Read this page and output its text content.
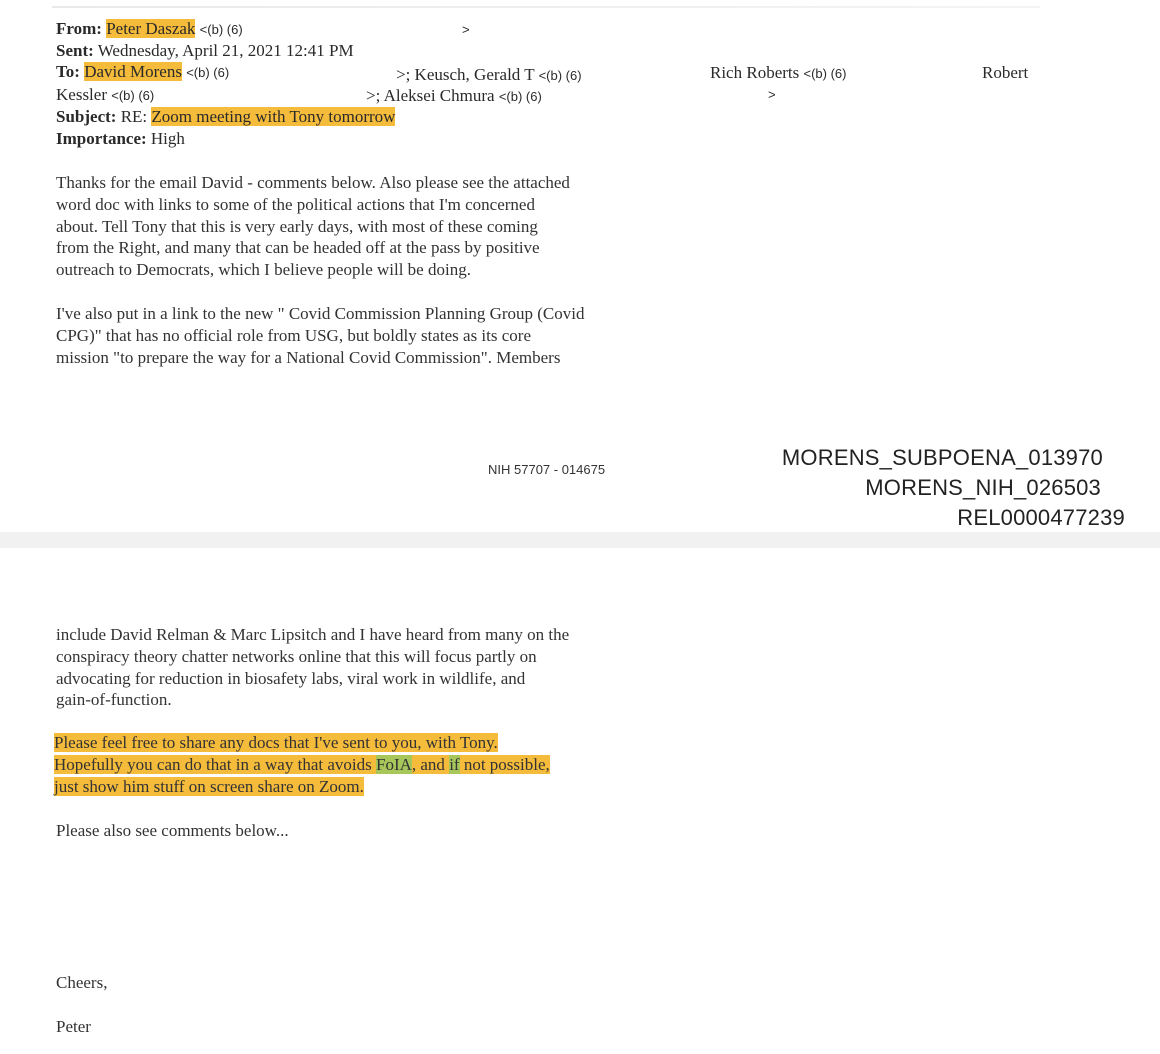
From: Peter Daszak <(b) (6)	>
Sent: Wednesday, April 21, 2021 12:41 PM
To: David Morens <(b) (6)	>; Keusch, Gerald T <(b) (6)	Rich Roberts <(b) (6)	Robert
Kessler <(b) (6)	>; Aleksei Chmura <(b) (6)	>
Subject: RE: Zoom meeting with Tony tomorrow
Importance: High
Thanks for the email David - comments below. Also please see the attached
word doc with links to some of the political actions that I'm concerned
about. Tell Tony that this is very early days, with most of these coming
from the Right, and many that can be headed off at the pass by positive
outreach to Democrats, which I believe people will be doing.
I've also put in a link to the new " Covid Commission Planning Group (Covid
CPG)" that has no official role from USG, but boldly states as its core
mission "to prepare the way for a National Covid Commission". Members
NIH 57707 - 014675	MORENS_SUBPOENA_013970
MORENS_NIH_026503
REL0000477239
include David Relman & Marc Lipsitch and I have heard from many on the
conspiracy theory chatter networks online that this will focus partly on
advocating for reduction in biosafety labs, viral work in wildlife, and
gain-of-function.
Please feel free to share any docs that I've sent to you, with Tony.
Hopefully you can do that in a way that avoids FoIA, and if not possible,
just show him stuff on screen share on Zoom.
Please also see comments below...
Cheers,
Peter
